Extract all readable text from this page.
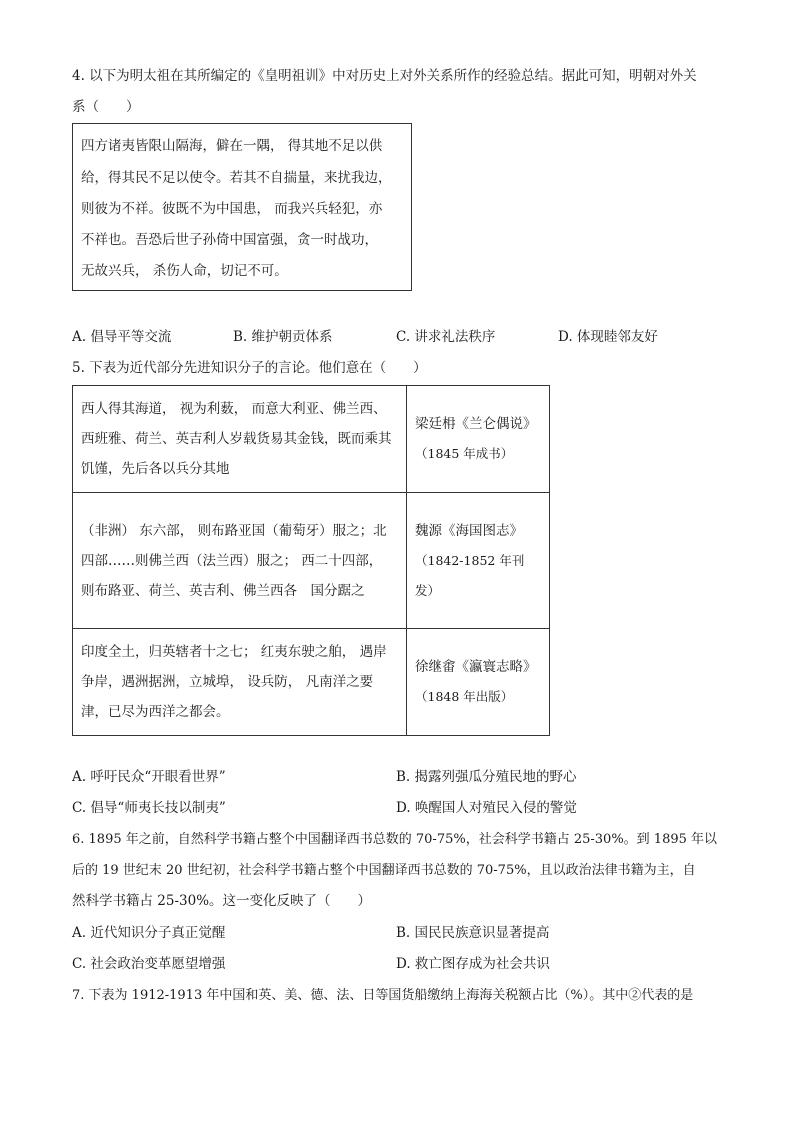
4. 以下为明太祖在其所编定的《皇明祖训》中对历史上对外关系所作的经验总结。据此可知，明朝对外关
系（　　）
四方诸夷皆限山隔海，僻在一隅， 得其地不足以供
给，得其民不足以使令。若其不自揣量，来扰我边，
则彼为不祥。彼既不为中国患， 而我兴兵轻犯，亦
不祥也。吾恐后世子孙倚中国富强，贪一时战功，
无故兴兵， 杀伤人命，切记不可。
A. 倡导平等交流	B. 维护朝贡体系	C. 讲求礼法秩序	D. 体现睦邻友好
5. 下表为近代部分先进知识分子的言论。他们意在（　　）
西人得其海道， 视为利薮， 而意大利亚、佛兰西、西班雅、荷兰、英吉利人岁载货易其金钱，既而乘其饥馑，先后各以兵分其地	梁廷枏《兰仑偶说》
（1845 年成书）

（非洲） 东六部， 则布路亚国（葡萄牙）服之；北四部……则佛兰西（法兰西）服之； 西二十四部， 则布路亚、荷兰、英吉利、佛兰西各　国分踞之	魏源《海国图志》
（1842-1852 年刊发）

印度全土，归英辖者十之七； 红夷东驶之舶， 遇岸争岸，遇洲据洲，立城埠， 设兵防， 凡南洋之要津，已尽为西洋之都会。	徐继畬《瀛寰志略》
（1848 年出版）
A. 呼吁民众“开眼看世界”	B. 揭露列强瓜分殖民地的野心
C. 倡导“师夷长技以制夷”	D. 唤醒国人对殖民入侵的警觉
6. 1895 年之前，自然科学书籍占整个中国翻译西书总数的 70-75%，社会科学书籍占 25-30%。到 1895 年以
后的 19 世纪末 20 世纪初，社会科学书籍占整个中国翻译西书总数的 70-75%，且以政治法律书籍为主，自
然科学书籍占 25-30%。这一变化反映了（　　）
A. 近代知识分子真正觉醒	B. 国民民族意识显著提高
C. 社会政治变革愿望增强	D. 救亡图存成为社会共识
7. 下表为 1912-1913 年中国和英、美、德、法、日等国货船缴纳上海海关税额占比（%）。其中②代表的是
